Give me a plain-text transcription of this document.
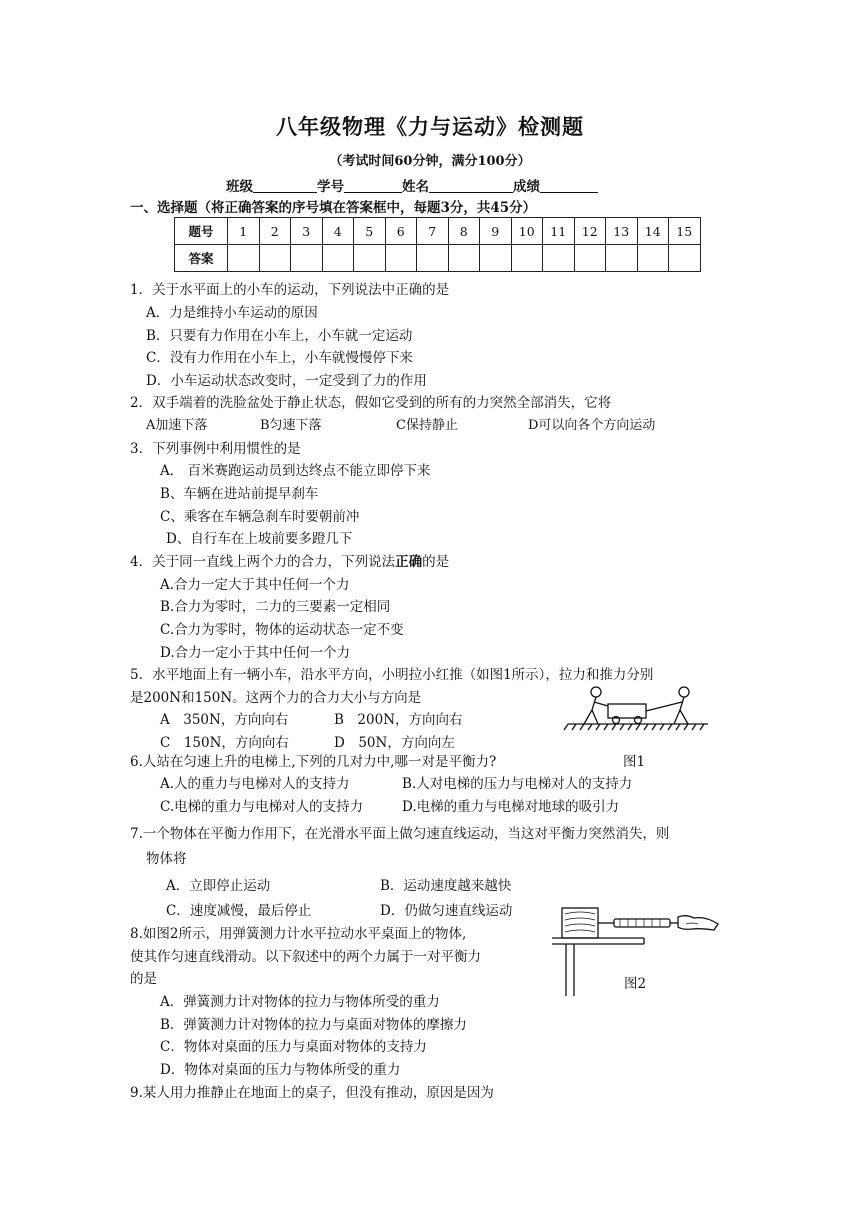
八年级物理《力与运动》检测题
（考试时间60分钟，满分100分）
班级	学号	姓名	成绩
一、选择题（将正确答案的序号填在答案框中，每题3分，共45分）
题号	1	2	3	4	5	6	7	8	9	10	11	12	13	14	15
答案															
1．关于水平面上的小车的运动，下列说法中正确的是
A．力是维持小车运动的原因
B．只要有力作用在小车上，小车就一定运动
C．没有力作用在小车上，小车就慢慢停下来
D．小车运动状态改变时，一定受到了力的作用
2．双手端着的洗脸盆处于静止状态，假如它受到的所有的力突然全部消失，它将
A加速下落	B匀速下落	C保持静止	D可以向各个方向运动
3．下列事例中利用惯性的是
A． 百米赛跑运动员到达终点不能立即停下来
B、车辆在进站前提早刹车
C、乘客在车辆急刹车时要朝前冲
D、自行车在上坡前要多蹬几下
4．关于同一直线上两个力的合力，下列说法正确的是
A.合力一定大于其中任何一个力
B.合力为零时，二力的三要素一定相同
C.合力为零时，物体的运动状态一定不变
D.合力一定小于其中任何一个力
5．水平地面上有一辆小车，沿水平方向，小明拉小红推（如图1所示），拉力和推力分别
是200N和150N。这两个力的合力大小与方向是
A　350N，方向向右	B　200N，方向向右
C　150N，方向向右	D　50N，方向向左
图1
6.人站在匀速上升的电梯上,下列的几对力中,哪一对是平衡力?
A.人的重力与电梯对人的支持力	B.人对电梯的压力与电梯对人的支持力
C.电梯的重力与电梯对人的支持力	D.电梯的重力与电梯对地球的吸引力
7.一个物体在平衡力作用下，在光滑水平面上做匀速直线运动，当这对平衡力突然消失，则
物体将
A．立即停止运动	B．运动速度越来越快
C．速度减慢，最后停止	D．仍做匀速直线运动
图2
8.如图2所示，用弹簧测力计水平拉动水平桌面上的物体,
使其作匀速直线滑动。以下叙述中的两个力属于一对平衡力
的是
A．弹簧测力计对物体的拉力与物体所受的重力
B．弹簧测力计对物体的拉力与桌面对物体的摩擦力
C．物体对桌面的压力与桌面对物体的支持力
D．物体对桌面的压力与物体所受的重力
9.某人用力推静止在地面上的桌子，但没有推动，原因是因为
